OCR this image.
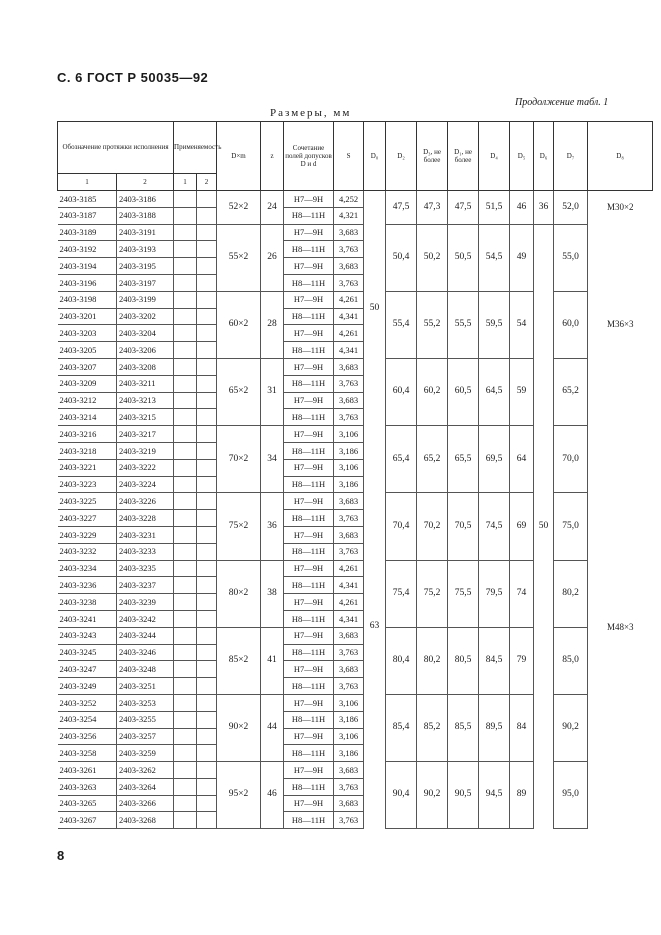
С. 6 ГОСТ Р 50035—92
Продолжение табл. 1
Размеры, мм
Обозначение протяжки исполнения		Применяемость		D×m	z	Сочетание полей допусков D и d	S	D₀	D₂	D₃, не более	D₁, не более	D₄	D₅	D₆	D₇	D₈
1	2	1	2													
2403-3185	2403-3186			52×2	24	H7—9H	4,252	50	47,5	47,3	47,5	51,5	46	36	52,0	M30×2
2403-3187	2403-3188					H8—11H	4,321									
2403-3189	2403-3191			55×2	26	H7—9H	3,683		50,4	50,2	50,5	54,5	49	50	55,0	M36×3
2403-3192	2403-3193					H8—11H	3,763									
2403-3194	2403-3195					H7—9H	3,683									
2403-3196	2403-3197					H8—11H	3,763									
2403-3198	2403-3199			60×2	28	H7—9H	4,261		55,4	55,2	55,5	59,5	54		60,0	
2403-3201	2403-3202					H8—11H	4,341									
2403-3203	2403-3204					H7—9H	4,261									
2403-3205	2403-3206					H8—11H	4,341									
2403-3207	2403-3208			65×2	31	H7—9H	3,683		60,4	60,2	60,5	64,5	59		65,2	
2403-3209	2403-3211					H8—11H	3,763									
2403-3212	2403-3213					H7—9H	3,683									
2403-3214	2403-3215					H8—11H	3,763									
2403-3216	2403-3217			70×2	34	H7—9H	3,106	63	65,4	65,2	65,5	69,5	64		70,0	M48×3
2403-3218	2403-3219					H8—11H	3,186									
2403-3221	2403-3222					H7—9H	3,106									
2403-3223	2403-3224					H8—11H	3,186									
2403-3225	2403-3226			75×2	36	H7—9H	3,683		70,4	70,2	70,5	74,5	69		75,0	
2403-3227	2403-3228					H8—11H	3,763									
2403-3229	2403-3231					H7—9H	3,683									
2403-3232	2403-3233					H8—11H	3,763									
2403-3234	2403-3235			80×2	38	H7—9H	4,261		75,4	75,2	75,5	79,5	74		80,2	
2403-3236	2403-3237					H8—11H	4,341									
2403-3238	2403-3239					H7—9H	4,261									
2403-3241	2403-3242					H8—11H	4,341									
2403-3243	2403-3244			85×2	41	H7—9H	3,683		80,4	80,2	80,5	84,5	79		85,0	
2403-3245	2403-3246					H8—11H	3,763									
2403-3247	2403-3248					H7—9H	3,683									
2403-3249	2403-3251					H8—11H	3,763									
2403-3252	2403-3253			90×2	44	H7—9H	3,106		85,4	85,2	85,5	89,5	84		90,2	
2403-3254	2403-3255					H8—11H	3,186									
2403-3256	2403-3257					H7—9H	3,106									
2403-3258	2403-3259					H8—11H	3,186									
2403-3261	2403-3262			95×2	46	H7—9H	3,683		90,4	90,2	90,5	94,5	89		95,0	
2403-3263	2403-3264					H8—11H	3,763									
2403-3265	2403-3266					H7—9H	3,683									
2403-3267	2403-3268					H8—11H	3,763									
8
